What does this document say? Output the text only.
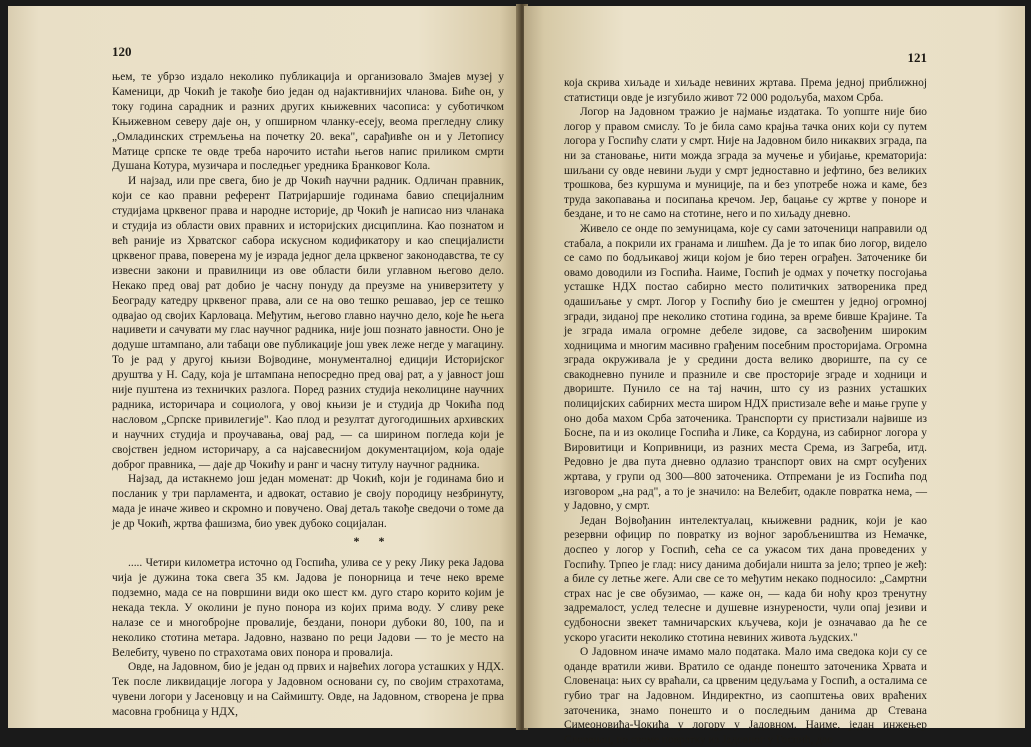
120

њем, те убрзо издало неколико публикација и организовало Змајев музеј у Каменици, др Чокић је такође био један од најактивнијих чланова. Биће он, у току година сарадник и разних других књижевних часописа: у суботичком Књижевном северу даје он, у опширном чланку-есеју, веома прегледну слику „Омладинских стремљења на почетку 20. века", сарађивће он и у Летопису Матице српске те овде треба нарочито истаћи његов напис приликом смрти Душана Котура, музичара и последњег уредника Бранковог Кола.

И најзад, или пре свега, био је др Чокић научни радник. Одличан правник, који се као правни референт Патријаршије годинама бавио специјалним студијама црквеног права и народне историје, др Чокић је написао низ чланака и студија из области ових правних и историјских дисциплина. Као познатом и већ раније из Хрватског сабора искусном кодификатору и као специјалисти црквеног права, поверена му је израда једног дела црквеног законодавства, те су извесни закони и правилници из ове области били углавном његово дело. Некако пред овај рат добио је часну понуду да преузме на универзитету у Београду катедру црквеног права, али се на ово тешко решавао, јер се тешко одвајао од својих Карловаца. Међутим, његово главно научно дело, које ће њега наџивети и сачувати му глас научног радника, није још познато јавности. Оно је додуше штампано, али табаци ове публикације још увек леже негде у магацину. То је рад у другој књизи Војводине, монументалној едицији Историјског друштва у Н. Саду, која је штампана непосредно пред овај рат, а у јавност још није пуштена из техничких разлога. Поред разних студија неколицине научних радника, историчара и социолога, у овој књизи је и студија др Чокића под насловом „Српске привилегије". Као плод и резултат дугогодишњих архивских и научних студија и проучавања, овај рад, — са ширином погледа који је својствен једном историчару, а са најсавеснијом документацијом, која одаје доброг правника, — даје др Чокићу и ранг и часну титулу научног радника.

Најзад, да истакнемо још један моменат: др Чокић, који је годинама био и посланик у три парламента, и адвокат, оставио је своју породицу незбринуту, мада је иначе живео и скромно и повучено. Овај детаљ такође сведочи о томе да је др Чокић, жртва фашизма, био увек дубоко социјалан.

* *

..... Четири километра источно од Госпића, улива се у реку Лику река Јадова чија је дужина тока свега 35 км. Јадова је понорница и тече неко време подземно, мада се на површини види око шест км. дуго старо корито којим је некада текла. У околини је пуно понора из којих прима воду. У сливу реке налазе се и многобројне провалије, бездани, понори дубоки 80, 100, па и неколико стотина метара. Јадовно, названо по реци Јадови — то је место на Велебиту, чувено по страхотама ових понора и провалија.

Овде, на Јадовном, био је један од првих и највећих логора усташких у НДХ. Тек после ликвидације логора у Јадовном основани су, по својим страхотама, чувени логори у Јасеновцу и на Саймишту. Овде, на Јадовном, створена је прва масовна гробница у НДХ,

121

која скрива хиљаде и хиљаде невиних жртава. Према једној приближној статистици овде је изгубило живот 72 000 родољуба, махом Срба.

Логор на Јадовном тражио је најмање издатака. То уопште није био логор у правом смислу. То је била само крајња тачка оних који су путем логора у Госпићу слати у смрт. Није на Јадовном било никаквих зграда, па ни за становање, нити можда зграда за мучење и убијање, крематорија: шиљани су овде невини људи у смрт једноставно и јефтино, без великих трошкова, без куршума и муниције, па и без употребе ножа и каме, без труда закопавања и посипања кречом. Јер, бацање су жртве у поноре и бездане, и то не само на стотине, него и по хиљаду дневно.

Живело се онде по земуницама, које су сами заточеници направили од стабала, а покрили их гранама и лишћем. Да је то ипак био логор, видело се само по бодљикавој жици којом је био терен ограђен. Заточенике би овамо доводили из Госпића. Наиме, Госпић је одмах у почетку посгојања усташке НДХ постао сабирно место политичких затвореника пред одашиљање у смрт. Логор у Госпићу био је смештен у једној огромној згради, зиданој пре неколико стотина година, за време бивше Крајине. Та је зграда имала огромне дебеле зидове, са засвођеним широким ходницима и многим масивно грађеним посебним просторијама. Огромна зграда окруживала је у средини доста велико двориште, па су се свакодневно пуниле и празниле и све просторије зграде и ходници и двориште. Пунило се на тај начин, што су из разних усташких полицијских сабирних места широм НДХ пристизале веће и мање групе у оно доба махом Срба заточеника. Транспорти су пристизали највише из Босне, па и из околице Госпића и Лике, са Кордуна, из сабирног логора у Вировитици и Копривници, из разних места Срема, из Загреба, итд. Редовно је два пута дневно одлазио транспорт ових на смрт осуђених жртава, у групи од 300—800 заточеника. Отпремани је из Госпића под изговором „на рад", а то је значило: на Велебит, одакле повратка нема, — у Јадовно, у смрт.

Један Војвођанин интелектуалац, књижевни радник, који је као резервни официр по повратку из војног заробљеништва из Немачке, доспео у логор у Госпић, сећа се са ужасом тих дана проведених у Госпићу. Трпео је глад: нису данима добијали ништа за јело; трпео је жеђ: а биле су летње жеге. Али све се то међутим некако подносило: „Самртни страх нас је све обузимао, — каже он, — када би ноћу кроз тренутну задремалост, услед телесне и душевне изнурености, чули опај језиви и судбоносни звекет тамничарских кључева, који је означавао да ће се ускоро угасити неколико стотина невиних живота људских."

О Јадовном иначе имамо мало података. Мало има сведока који су се оданде вратили живи. Вратило се оданде понешто заточеника Хрвата и Словенаца: њих су враћали, са црвеним цедуљама у Госпић, а осталима се губио траг на Јадовном. Индиректно, из саопштења ових враћених заточеника, знамо понешто и о последњим данима др Стевана Симеоновића-Чокића у логору у Јадовном. Наиме, један инжењер Словенац, по своме повратку из Јадовног у Госпић, дао
